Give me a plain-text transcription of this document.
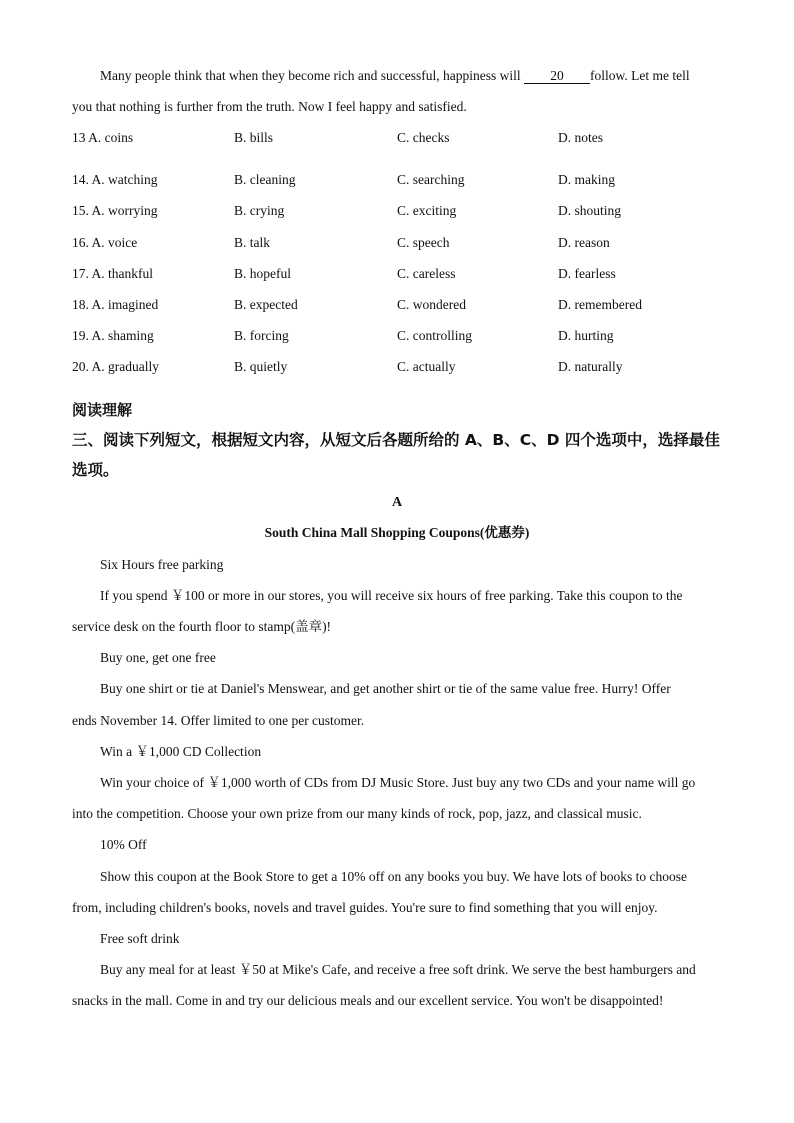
Many people think that when they become rich and successful, happiness will 20 follow. Let me tell
you that nothing is further from the truth. Now I feel happy and satisfied.
13 A. coins	B. bills	C. checks	D. notes
14. A. watching	B. cleaning	C. searching	D. making
15. A. worrying	B. crying	C. exciting	D. shouting
16. A. voice	B. talk	C. speech	D. reason
17. A. thankful	B. hopeful	C. careless	D. fearless
18. A. imagined	B. expected	C. wondered	D. remembered
19. A. shaming	B. forcing	C. controlling	D. hurting
20. A. gradually	B. quietly	C. actually	D. naturally
阅读理解
三、阅读下列短文，根据短文内容，从短文后各题所给的 A、B、C、D 四个选项中，选择最佳
选项。
A
South China Mall Shopping Coupons(优惠券)
Six Hours free parking
If you spend ￥100 or more in our stores, you will receive six hours of free parking. Take this coupon to the
service desk on the fourth floor to stamp(盖章)!
Buy one, get one free
Buy one shirt or tie at Daniel's Menswear, and get another shirt or tie of the same value free. Hurry! Offer
ends November 14. Offer limited to one per customer.
Win a ￥1,000 CD Collection
Win your choice of ￥1,000 worth of CDs from DJ Music Store. Just buy any two CDs and your name will go
into the competition. Choose your own prize from our many kinds of rock, pop, jazz, and classical music.
10% Off
Show this coupon at the Book Store to get a 10% off on any books you buy. We have lots of books to choose
from, including children's books, novels and travel guides. You're sure to find something that you will enjoy.
Free soft drink
Buy any meal for at least ￥50 at Mike's Cafe, and receive a free soft drink. We serve the best hamburgers and
snacks in the mall. Come in and try our delicious meals and our excellent service. You won't be disappointed!
